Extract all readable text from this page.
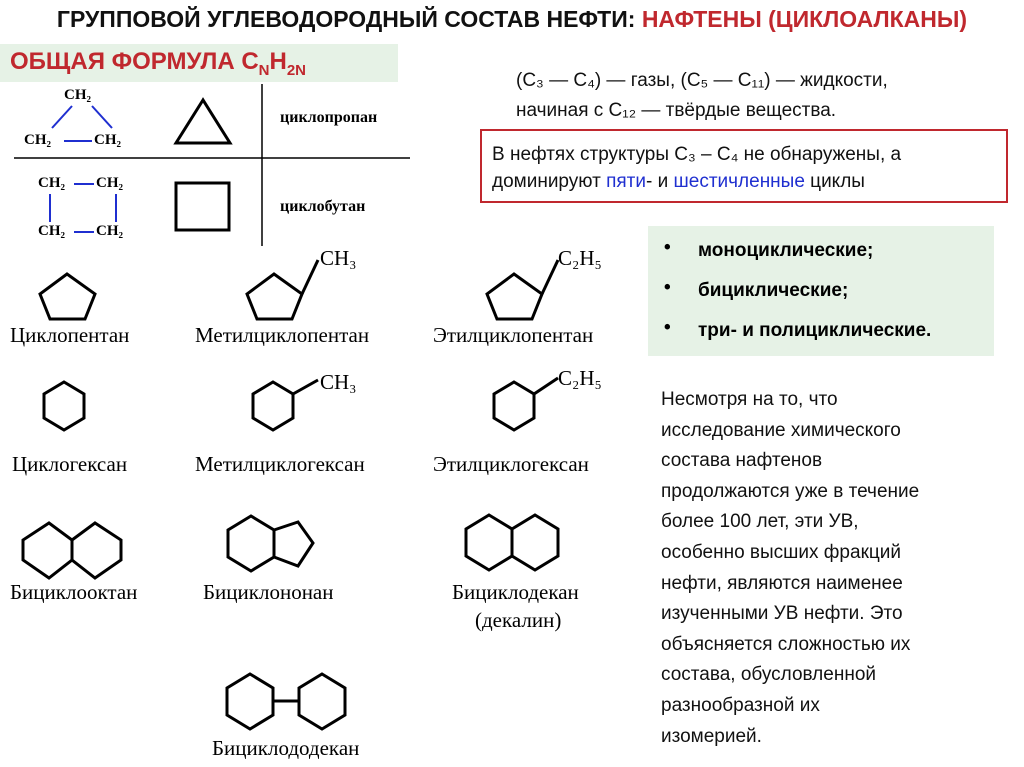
ГРУППОВОЙ УГЛЕВОДОРОДНЫЙ СОСТАВ НЕФТИ: НАФТЕНЫ (ЦИКЛОАЛКАНЫ)
ОБЩАЯ ФОРМУЛА $C_NH_{2N}$
CH₂
CH₂	CH₂
циклопропан
CH₂ CH₂
CH₂ CH₂
циклобутан
(C₃ — C₄) — газы, (C₅ — C₁₁) — жидкости,
начиная с C₁₂ — твёрдые вещества.
В нефтях структуры C₃ – C₄ не обнаружены, а
доминируют пяти- и шестичленные циклы
• моноциклические;
• бициклические;
• три- и полициклические.
Несмотря на то, что
исследование химического
состава нафтенов
продолжаются уже в течение
более 100 лет, эти УВ,
особенно высших фракций
нефти, являются наименее
изученными УВ нефти. Это
объясняется сложностью их
состава, обусловленной
разнообразной их
изомерией.
CH₃	C₂H₅
CH₃	C₂H₅
Циклопентан	Метилциклопентан	Этилциклопентан
Циклогексан	Метилциклогексан	Этилциклогексан
Бициклооктан	Бициклононан	Бициклодекан
(декалин)
Бициклододекан
